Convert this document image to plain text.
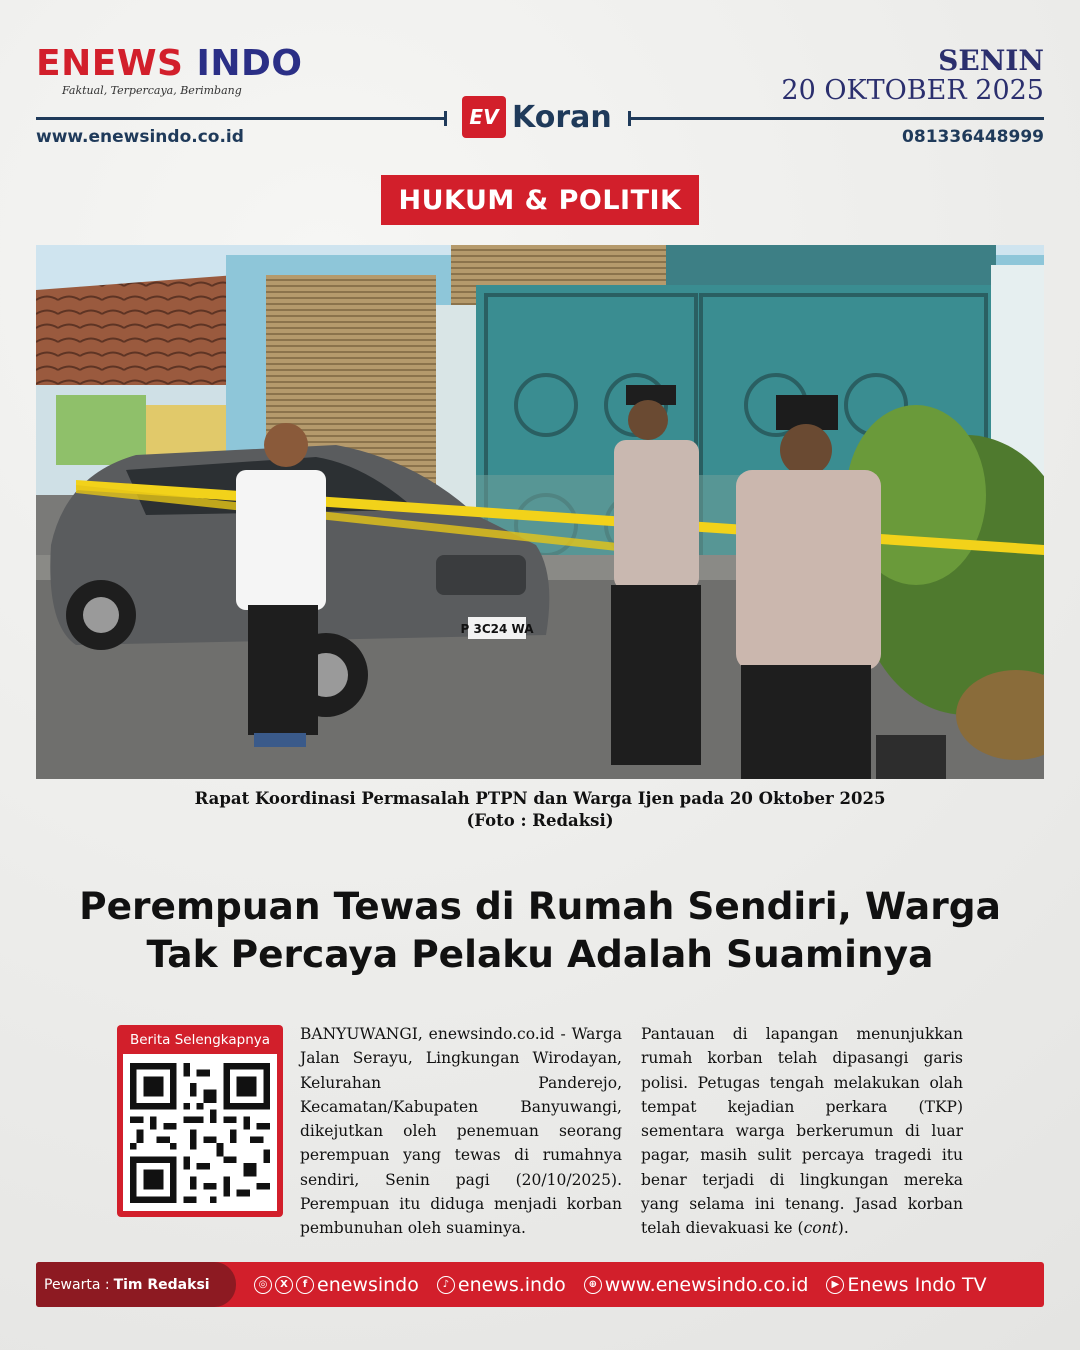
ENEWS INDO
Faktual, Terpercaya, Berimbang
SENIN
20 OKTOBER 2025
EV Koran
www.enewsindo.co.id	081336448999
HUKUM & POLITIK
P 3C24 WA
Rapat Koordinasi Permasalah PTPN dan Warga Ijen pada 20 Oktober 2025
(Foto : Redaksi)
Perempuan Tewas di Rumah Sendiri, Warga
Tak Percaya Pelaku Adalah Suaminya
Berita Selengkapnya	BANYUWANGI, enewsindo.co.id - Warga Jalan Serayu, Lingkungan Wirodayan, Kelurahan Panderejo, Kecamatan/Kabupaten Banyuwangi, dikejutkan oleh penemuan seorang perempuan yang tewas di rumahnya sendiri, Senin pagi (20/10/2025). Perempuan itu diduga menjadi korban pembunuhan oleh suaminya.
Pantauan di lapangan menunjukkan rumah korban telah dipasangi garis polisi. Petugas tengah melakukan olah tempat kejadian perkara (TKP) sementara warga berkerumun di luar pagar, masih sulit percaya tragedi itu benar terjadi di lingkungan mereka yang selama ini tenang. Jasad korban telah dievakuasi ke (cont).
Pewarta : Tim Redaksi	◎	X	f enewsindo	♪ enews.indo	⊕ www.enewsindo.co.id	▶ Enews Indo TV
